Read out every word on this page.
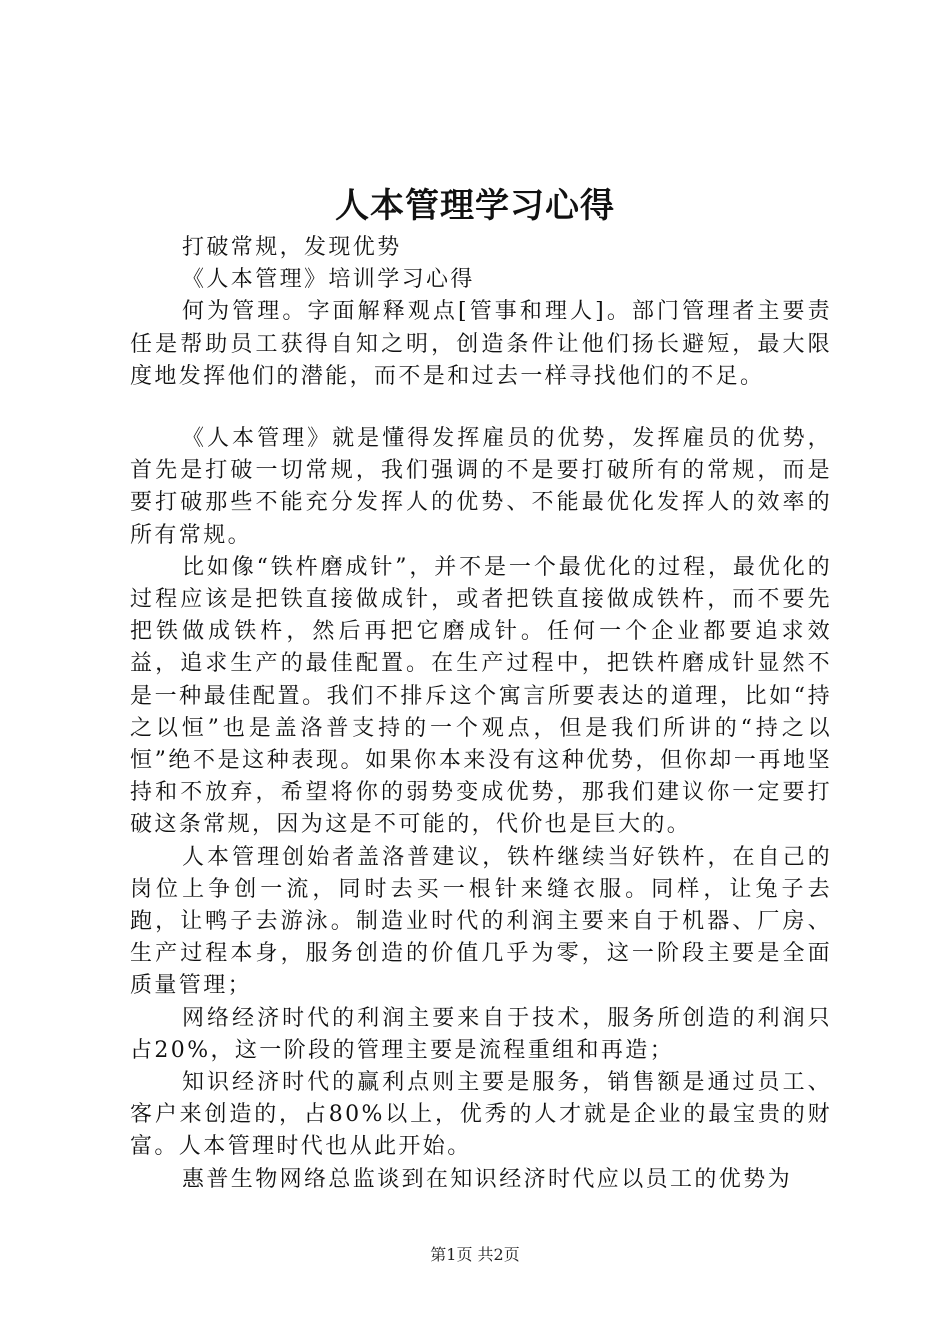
人本管理学习心得

打破常规，发现优势

《人本管理》培训学习心得

何为管理。字面解释观点[管事和理人]。部门管理者主要责任是帮助员工获得自知之明，创造条件让他们扬长避短，最大限度地发挥他们的潜能，而不是和过去一样寻找他们的不足。

《人本管理》就是懂得发挥雇员的优势，发挥雇员的优势，首先是打破一切常规，我们强调的不是要打破所有的常规，而是要打破那些不能充分发挥人的优势、不能最优化发挥人的效率的所有常规。

比如像“铁杵磨成针”，并不是一个最优化的过程，最优化的过程应该是把铁直接做成针，或者把铁直接做成铁杵，而不要先把铁做成铁杵，然后再把它磨成针。任何一个企业都要追求效益，追求生产的最佳配置。在生产过程中，把铁杵磨成针显然不是一种最佳配置。我们不排斥这个寓言所要表达的道理，比如“持之以恒”也是盖洛普支持的一个观点，但是我们所讲的“持之以恒”绝不是这种表现。如果你本来没有这种优势，但你却一再地坚持和不放弃，希望将你的弱势变成优势，那我们建议你一定要打破这条常规，因为这是不可能的，代价也是巨大的。

人本管理创始者盖洛普建议，铁杵继续当好铁杵，在自己的岗位上争创一流，同时去买一根针来缝衣服。同样，让兔子去跑，让鸭子去游泳。制造业时代的利润主要来自于机器、厂房、生产过程本身，服务创造的价值几乎为零，这一阶段主要是全面质量管理；

网络经济时代的利润主要来自于技术，服务所创造的利润只占20%，这一阶段的管理主要是流程重组和再造；

知识经济时代的赢利点则主要是服务，销售额是通过员工、客户来创造的，占80%以上，优秀的人才就是企业的最宝贵的财富。人本管理时代也从此开始。

惠普生物网络总监谈到在知识经济时代应以员工的优势为

第1页 共2页
